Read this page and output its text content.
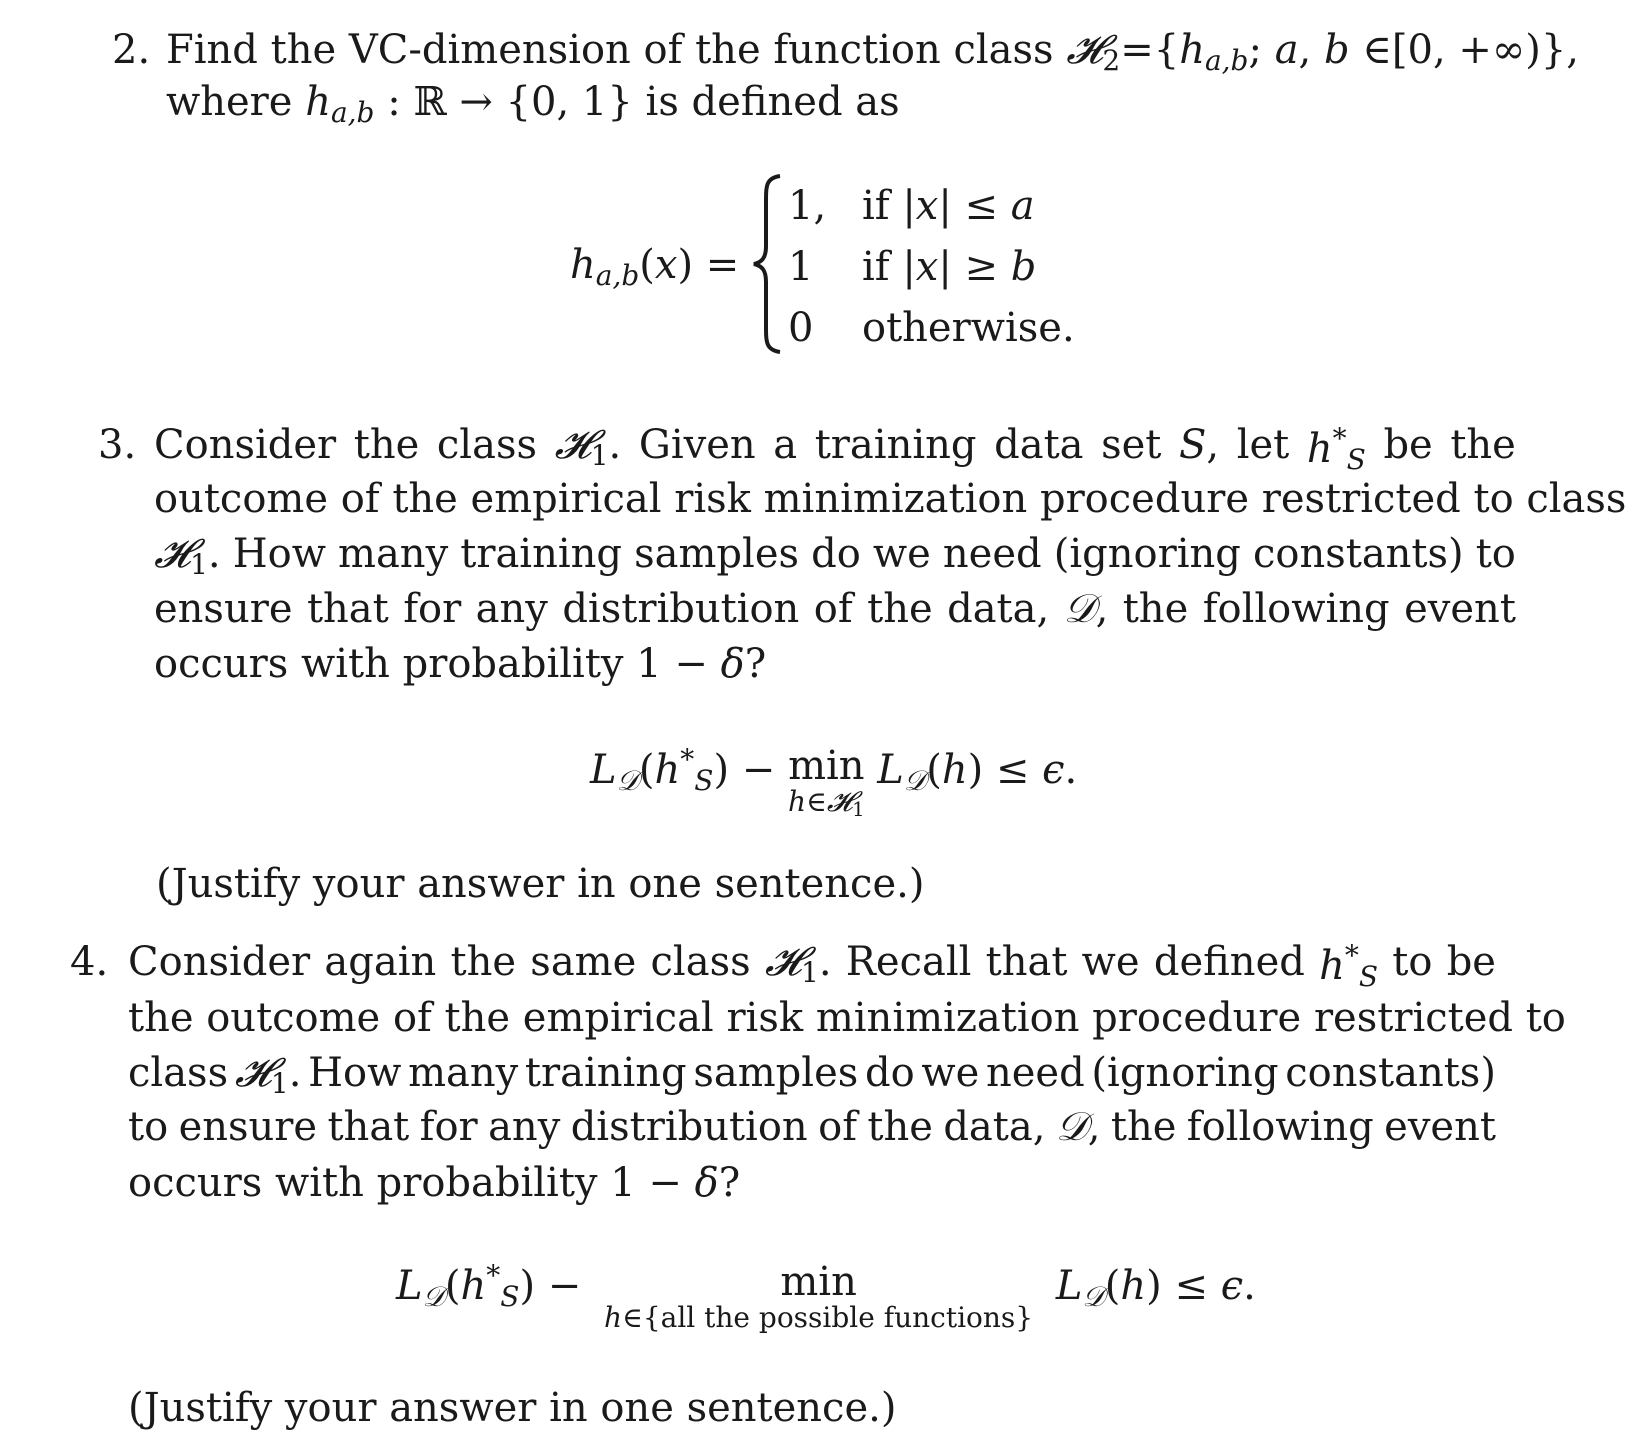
2. Find the VC-dimension of the function class $𝓗_2=\{h_{a,b}$; a, b ∈[0, +∞)},
where $h_{a,b}$ : ℝ → {0, 1} is defined as
$h_{a,b}(x)$ =
1, if |x| ≤ a
1 if |x| ≥ b
0 otherwise.
3. Consider the class 𝓗$_1$. Given a training data set S, let $h^*_S$ be the
outcome of the empirical risk minimization procedure restricted to class
𝓗$_1$. How many training samples do we need (ignoring constants) to
ensure that for any distribution of the data, 𝒟, the following event
occurs with probability 1 − δ?
$L_𝒟(h^*_S) - \min$
h∈𝓗$_1$
$L_𝒟(h) \le \epsilon$.
(Justify your answer in one sentence.)
4. Consider again the same class 𝓗$_1$. Recall that we defined $h^*_S$ to be
the outcome of the empirical risk minimization procedure restricted to
class 𝓗$_1$. How many training samples do we need (ignoring constants)
to ensure that for any distribution of the data, 𝒟, the following event
occurs with probability 1 − δ?
$L_𝒟(h^*_S)$ −	min
h∈{all the possible functions}
$L_𝒟(h) \le \epsilon$.
(Justify your answer in one sentence.)
